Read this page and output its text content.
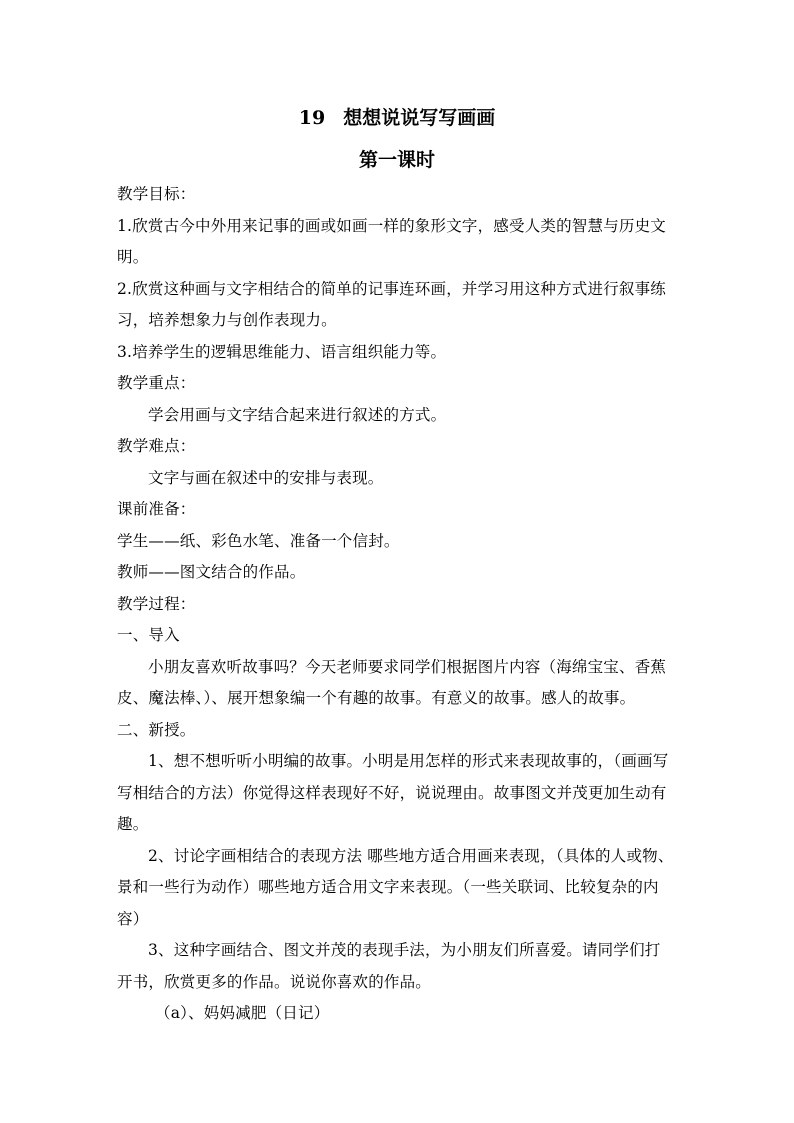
19 想想说说写写画画
第一课时
教学目标：
1.欣赏古今中外用来记事的画或如画一样的象形文字，感受人类的智慧与历史文
明。
2.欣赏这种画与文字相结合的简单的记事连环画，并学习用这种方式进行叙事练
习，培养想象力与创作表现力。
3.培养学生的逻辑思维能力、语言组织能力等。
教学重点：
学会用画与文字结合起来进行叙述的方式。
教学难点：
文字与画在叙述中的安排与表现。
课前准备：
学生——纸、彩色水笔、准备一个信封。
教师——图文结合的作品。
教学过程：
一、导入
小朋友喜欢听故事吗？今天老师要求同学们根据图片内容（海绵宝宝、香蕉
皮、魔法棒、）、展开想象编一个有趣的故事。有意义的故事。感人的故事。
二、新授。
1、想不想听听小明编的故事。小明是用怎样的形式来表现故事的，（画画写
写相结合的方法）你觉得这样表现好不好，说说理由。故事图文并茂更加生动有
趣。
2、讨论字画相结合的表现方法 哪些地方适合用画来表现，（具体的人或物、
景和一些行为动作）哪些地方适合用文字来表现。（一些关联词、比较复杂的内
容）
3、这种字画结合、图文并茂的表现手法，为小朋友们所喜爱。请同学们打
开书，欣赏更多的作品。说说你喜欢的作品。
（a）、妈妈减肥（日记）
